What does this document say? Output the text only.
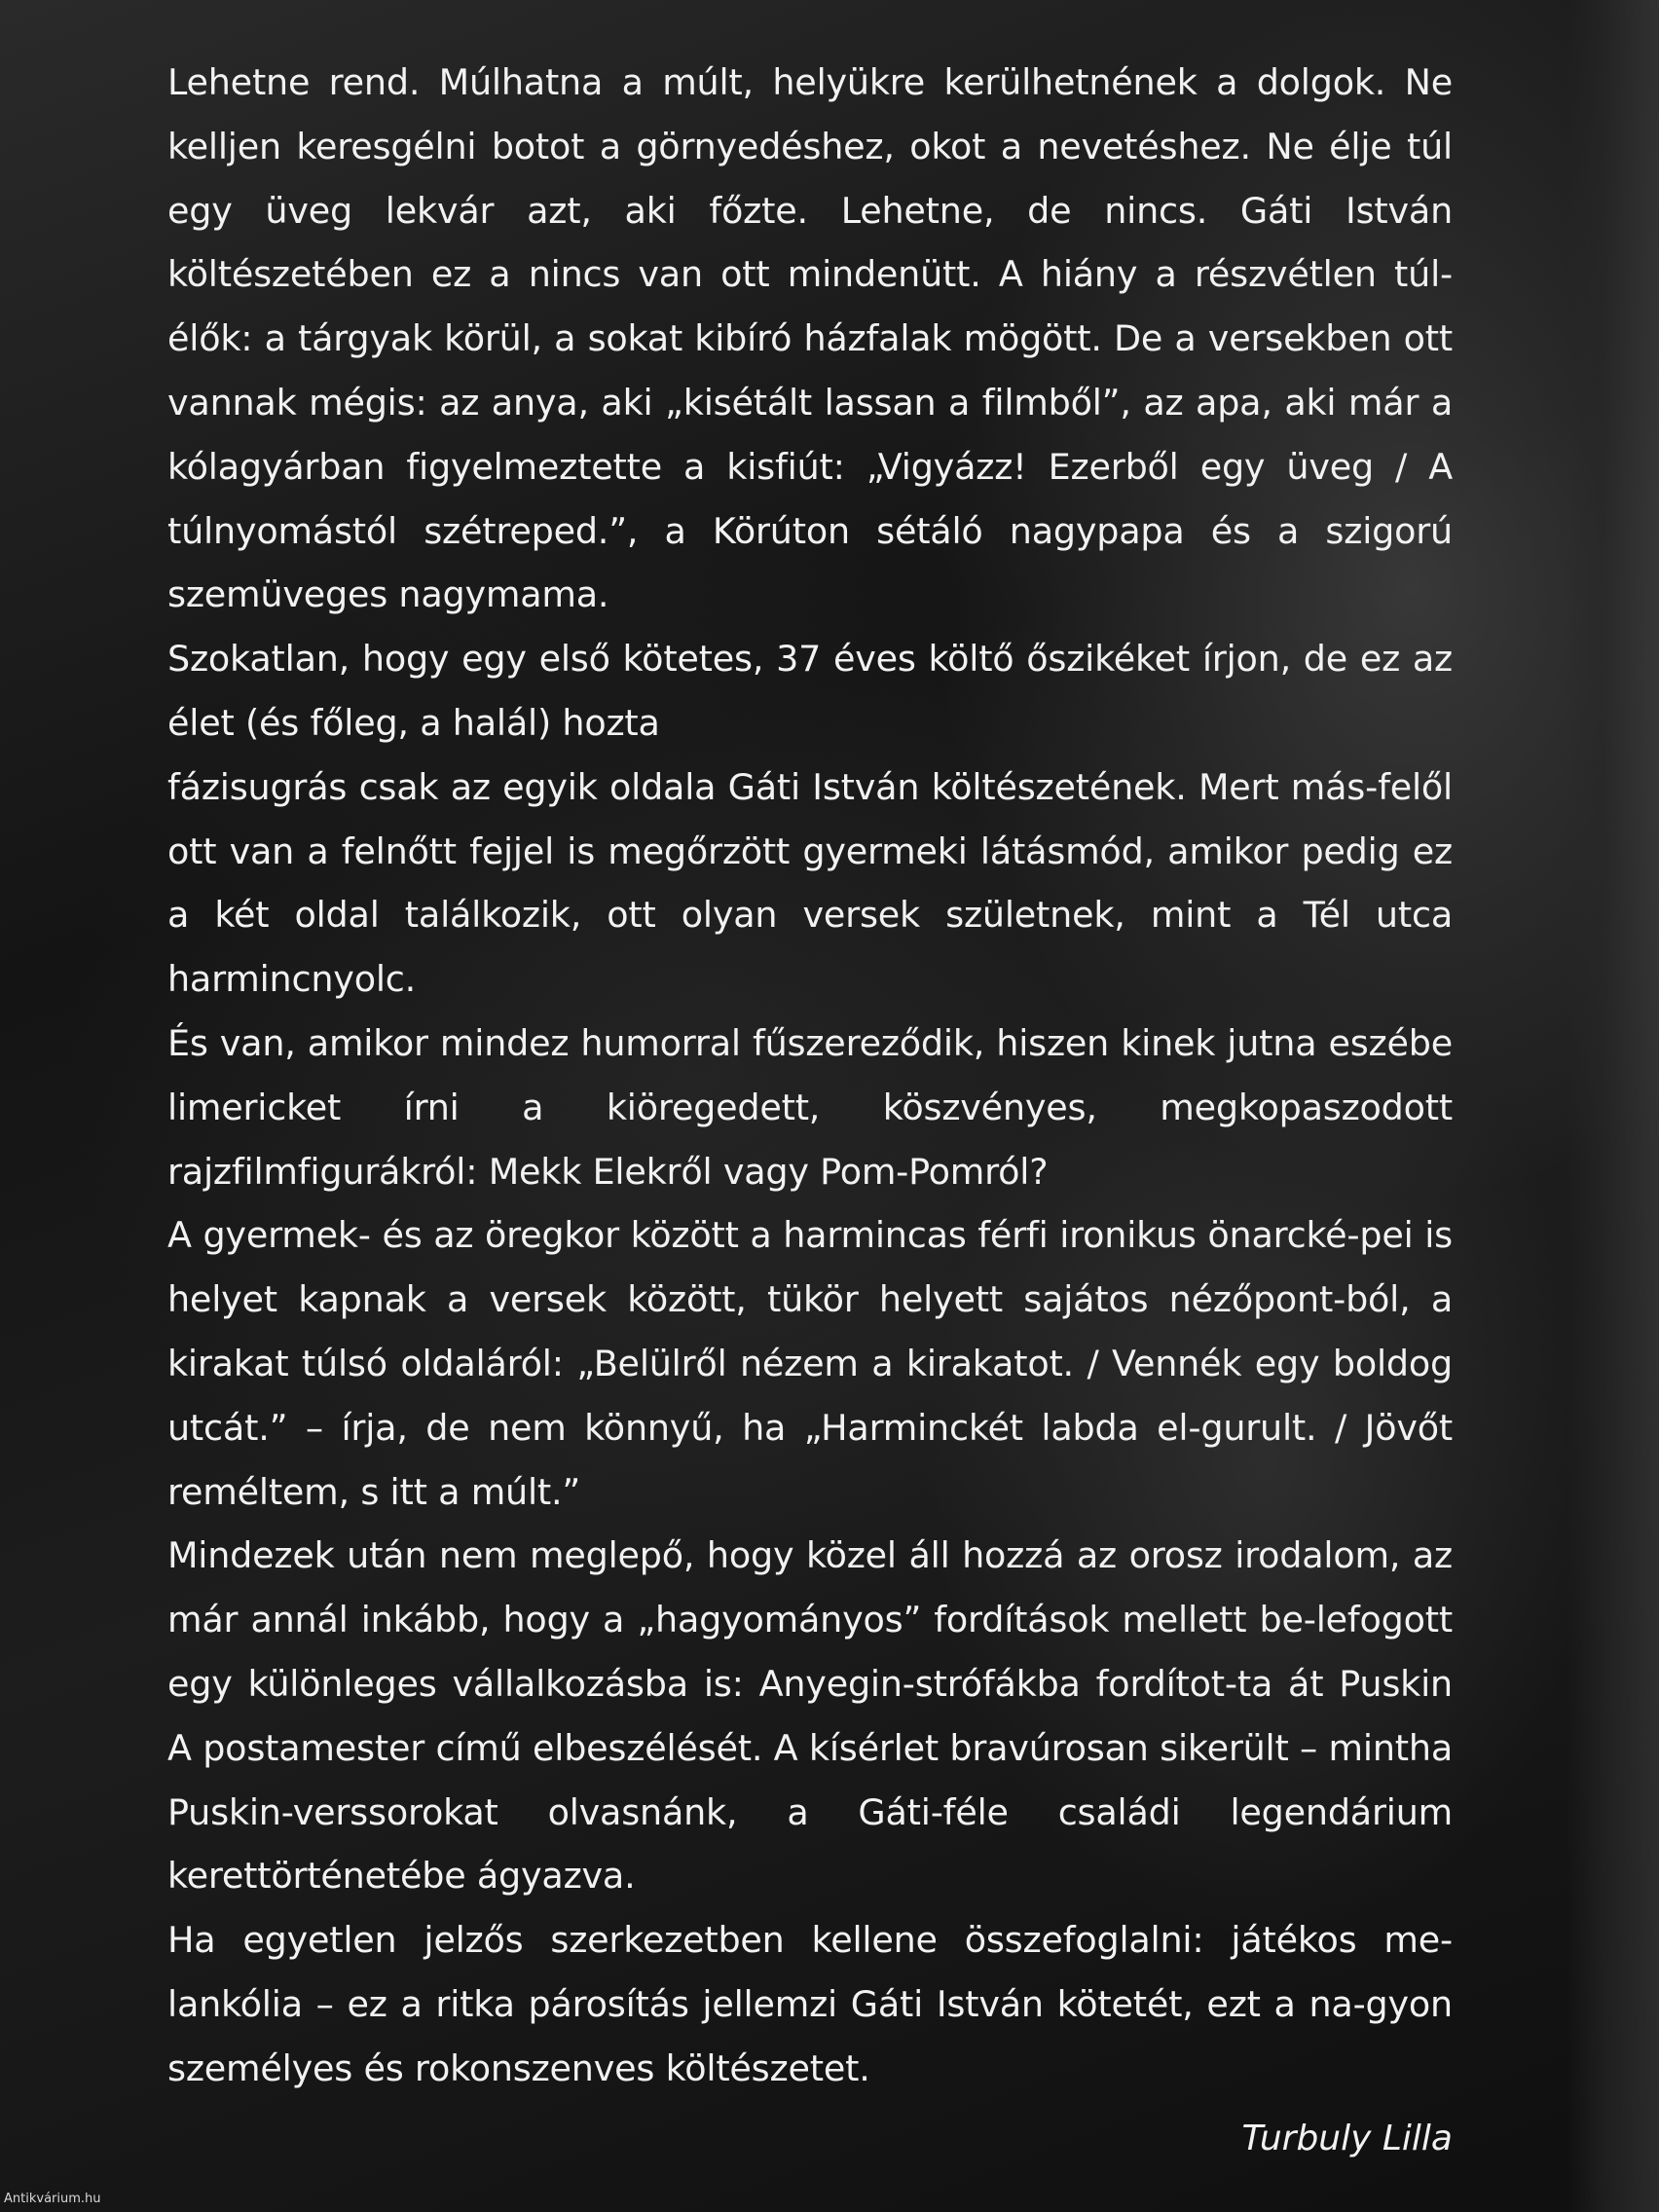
Lehetne rend. Múlhatna a múlt, helyükre kerülhetnének a dolgok. Ne kelljen keresgélni botot a görnyedéshez, okot a nevetéshez. Ne élje túl egy üveg lekvár azt, aki főzte. Lehetne, de nincs. Gáti István költészetében ez a nincs van ott mindenütt. A hiány a részvétlen túl-élők: a tárgyak körül, a sokat kibíró házfalak mögött. De a versekben ott vannak mégis: az anya, aki „kisétált lassan a filmből”, az apa, aki már a kólagyárban figyelmeztette a kisfiút: „Vigyázz! Ezerből egy üveg / A túlnyomástól szétreped.”, a Körúton sétáló nagypapa és a szigorú szemüveges nagymama.

Szokatlan, hogy egy első kötetes, 37 éves költő őszikéket írjon, de ez az élet (és főleg, a halál) hozta

fázisugrás csak az egyik oldala Gáti István költészetének. Mert más-felől ott van a felnőtt fejjel is megőrzött gyermeki látásmód, amikor pedig ez a két oldal találkozik, ott olyan versek születnek, mint a Tél utca harmincnyolc.

És van, amikor mindez humorral fűszereződik, hiszen kinek jutna eszébe limericket írni a kiöregedett, köszvényes, megkopaszodott rajzfilmfigurákról: Mekk Elekről vagy Pom-Pomról?

A gyermek- és az öregkor között a harmincas férfi ironikus önarcké-pei is helyet kapnak a versek között, tükör helyett sajátos nézőpont-ból, a kirakat túlsó oldaláról: „Belülről nézem a kirakatot. / Vennék egy boldog utcát.” – írja, de nem könnyű, ha „Harminckét labda el-gurult. / Jövőt reméltem, s itt a múlt.”

Mindezek után nem meglepő, hogy közel áll hozzá az orosz irodalom, az már annál inkább, hogy a „hagyományos” fordítások mellett be-lefogott egy különleges vállalkozásba is: Anyegin-strófákba fordítot-ta át Puskin A postamester című elbeszélését. A kísérlet bravúrosan sikerült – mintha Puskin-verssorokat olvasnánk, a Gáti-féle családi legendárium kerettörténetébe ágyazva.

Ha egyetlen jelzős szerkezetben kellene összefoglalni: játékos me-lankólia – ez a ritka párosítás jellemzi Gáti István kötetét, ezt a na-gyon személyes és rokonszenves költészetet.

Turbuly Lilla
Antikvárium.hu
